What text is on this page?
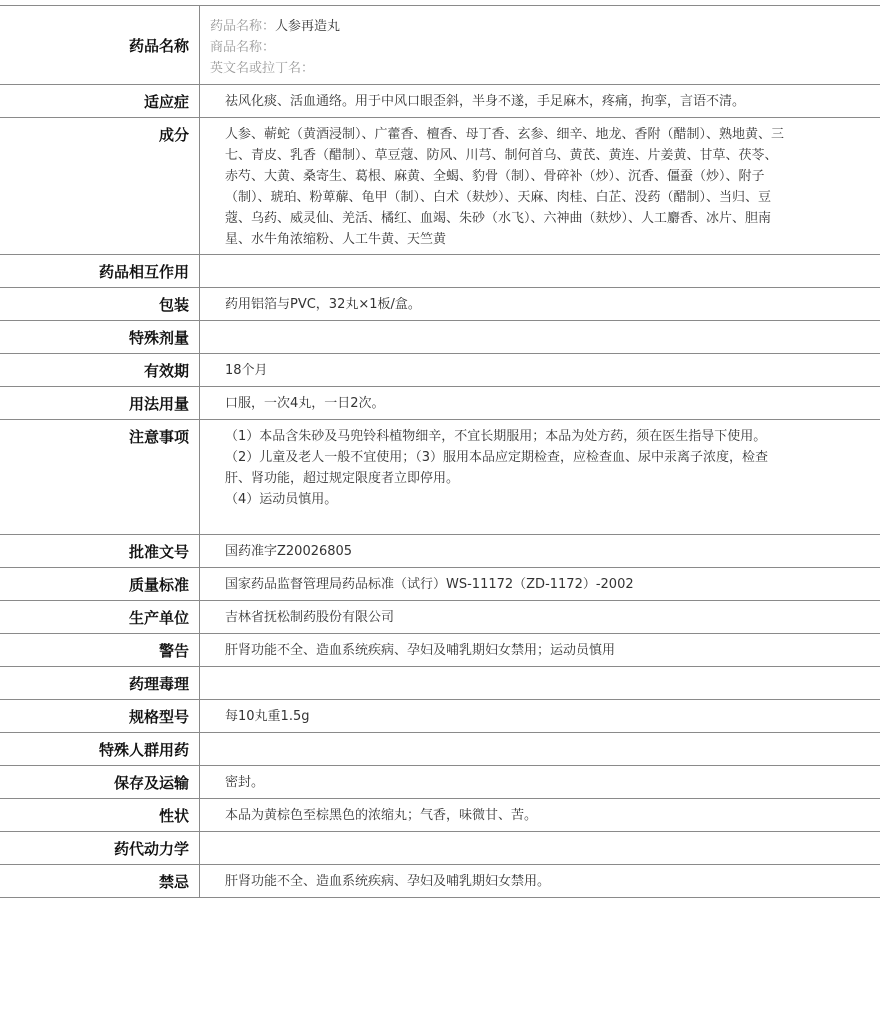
药品名称
药品名称：人参再造丸
商品名称：
英文名或拉丁名：
适应症	祛风化痰、活血通络。用于中风口眼歪斜，半身不遂，手足麻木，疼痛，拘挛，言语不清。
成分	人参、蕲蛇（黄酒浸制）、广藿香、檀香、母丁香、玄参、细辛、地龙、香附（醋制）、熟地黄、三七、青皮、乳香（醋制）、草豆蔻、防风、川芎、制何首乌、黄芪、黄连、片姜黄、甘草、茯苓、赤芍、大黄、桑寄生、葛根、麻黄、全蝎、豹骨（制）、骨碎补（炒）、沉香、僵蚕（炒）、附子（制）、琥珀、粉萆薢、龟甲（制）、白术（麸炒）、天麻、肉桂、白芷、没药（醋制）、当归、豆蔻、乌药、威灵仙、羌活、橘红、血竭、朱砂（水飞）、六神曲（麸炒）、人工麝香、冰片、胆南星、水牛角浓缩粉、人工牛黄、天竺黄
药品相互作用
包装	药用铝箔与PVC，32丸×1板/盒。
特殊剂量
有效期	18个月
用法用量	口服，一次4丸，一日2次。
注意事项	（1）本品含朱砂及马兜铃科植物细辛，不宜长期服用；本品为处方药，须在医生指导下使用。
（2）儿童及老人一般不宜使用；（3）服用本品应定期检查，应检查血、尿中汞离子浓度，检查肝、肾功能，超过规定限度者立即停用。
（4）运动员慎用。
批准文号	国药准字Z20026805
质量标准	国家药品监督管理局药品标准（试行）WS-11172（ZD-1172）-2002
生产单位	吉林省抚松制药股份有限公司
警告	肝肾功能不全、造血系统疾病、孕妇及哺乳期妇女禁用；运动员慎用
药理毒理
规格型号	每10丸重1.5g
特殊人群用药
保存及运输	密封。
性状	本品为黄棕色至棕黑色的浓缩丸；气香，味微甘、苦。
药代动力学
禁忌	肝肾功能不全、造血系统疾病、孕妇及哺乳期妇女禁用。
